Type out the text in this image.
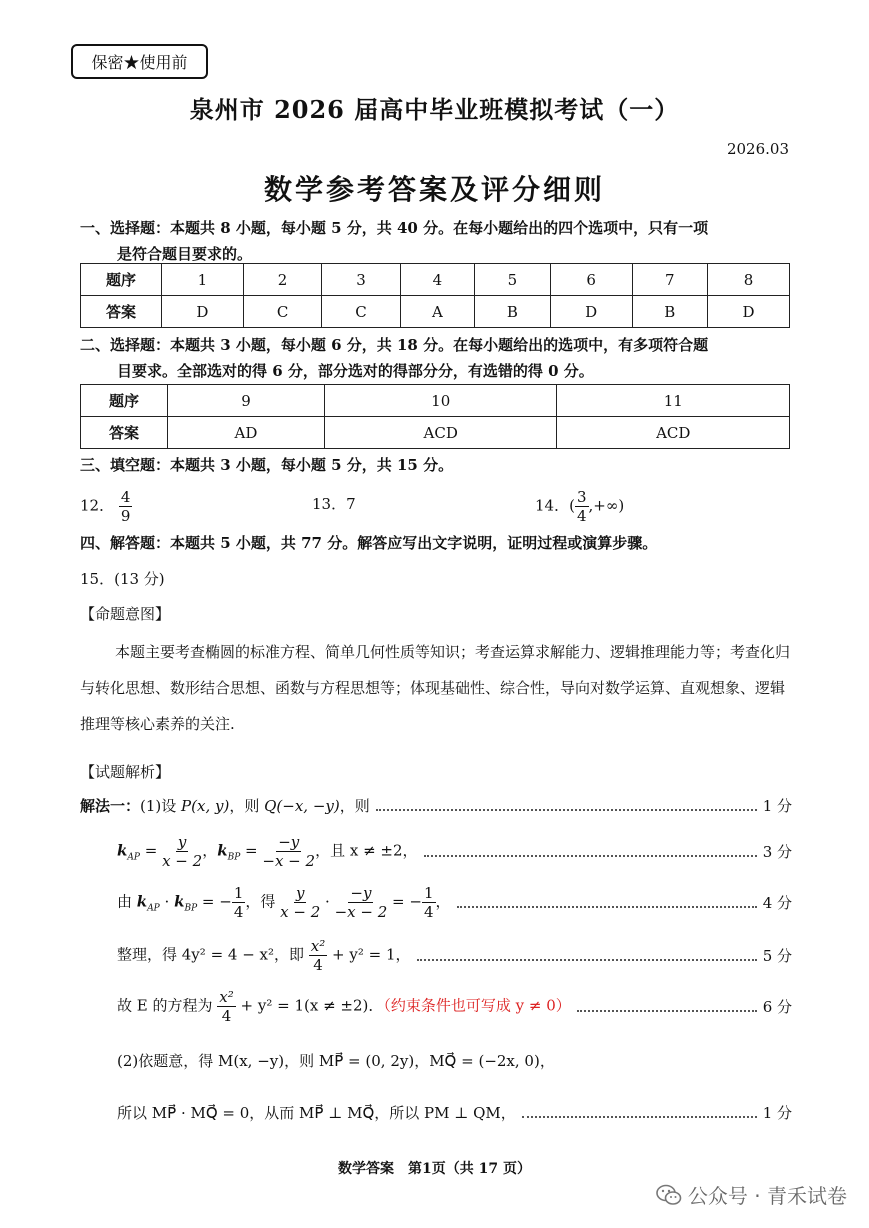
保密★使用前
泉州市 2026 届高中毕业班模拟考试（一）
2026.03
数学参考答案及评分细则
一、选择题：本题共 8 小题，每小题 5 分，共 40 分。在每小题给出的四个选项中，只有一项
是符合题目要求的。
题序	1	2	3	4	5	6	7	8
答案	D	C	C	A	B	D	B	D
二、选择题：本题共 3 小题，每小题 6 分，共 18 分。在每小题给出的选项中，有多项符合题
目要求。全部选对的得 6 分，部分选对的得部分分，有选错的得 0 分。
题序	9	10	11
答案	AD	ACD	ACD
三、填空题：本题共 3 小题，每小题 5 分，共 15 分。
12． $\frac{4}{9}$	13．7	14．( $\frac{3}{4}$ ,+∞)
四、解答题：本题共 5 小题，共 77 分。解答应写出文字说明，证明过程或演算步骤。
15．(13 分)
【命题意图】
本题主要考查椭圆的标准方程、简单几何性质等知识；考查运算求解能力、逻辑推理能力等；考查化归与转化思想、数形结合思想、函数与方程思想等；体现基础性、综合性，导向对数学运算、直观想象、逻辑推理等核心素养的关注.
【试题解析】
解法一：(1)设 P(x, y)，则 Q(−x, −y)，则	1 分
$k_{AP} = \frac{y}{x - 2}$ ，$k_{BP} = \frac{-y}{-x - 2}$ ，且 x ≠ ±2，	3 分
由 $k_{AP} \cdot k_{BP}$ = − $\frac{1}{4}$ ，得 $\frac{y}{x - 2} \cdot \frac{-y}{-x - 2}$ = − $\frac{1}{4}$ ，	4 分
整理，得 4y² = 4 − x²，即 $\frac{\text{x²}}{4} + y^2 = 1$，	5 分
故 E 的方程为 $\frac{\text{x²}}{4} + y^2 = 1(x \ne \pm 2)$．（约束条件也可写成 y ≠ 0）	6 分
(2)依题意，得 M(x, −y)，则 MP⃗ = (0, 2y)，MQ⃗ = (−2x, 0)，
所以 MP⃗ · MQ⃗ = 0，从而 MP⃗ ⊥ MQ⃗，所以 PM ⊥ QM，	1 分
数学答案　第1页（共 17 页）
公众号 · 青禾试卷
